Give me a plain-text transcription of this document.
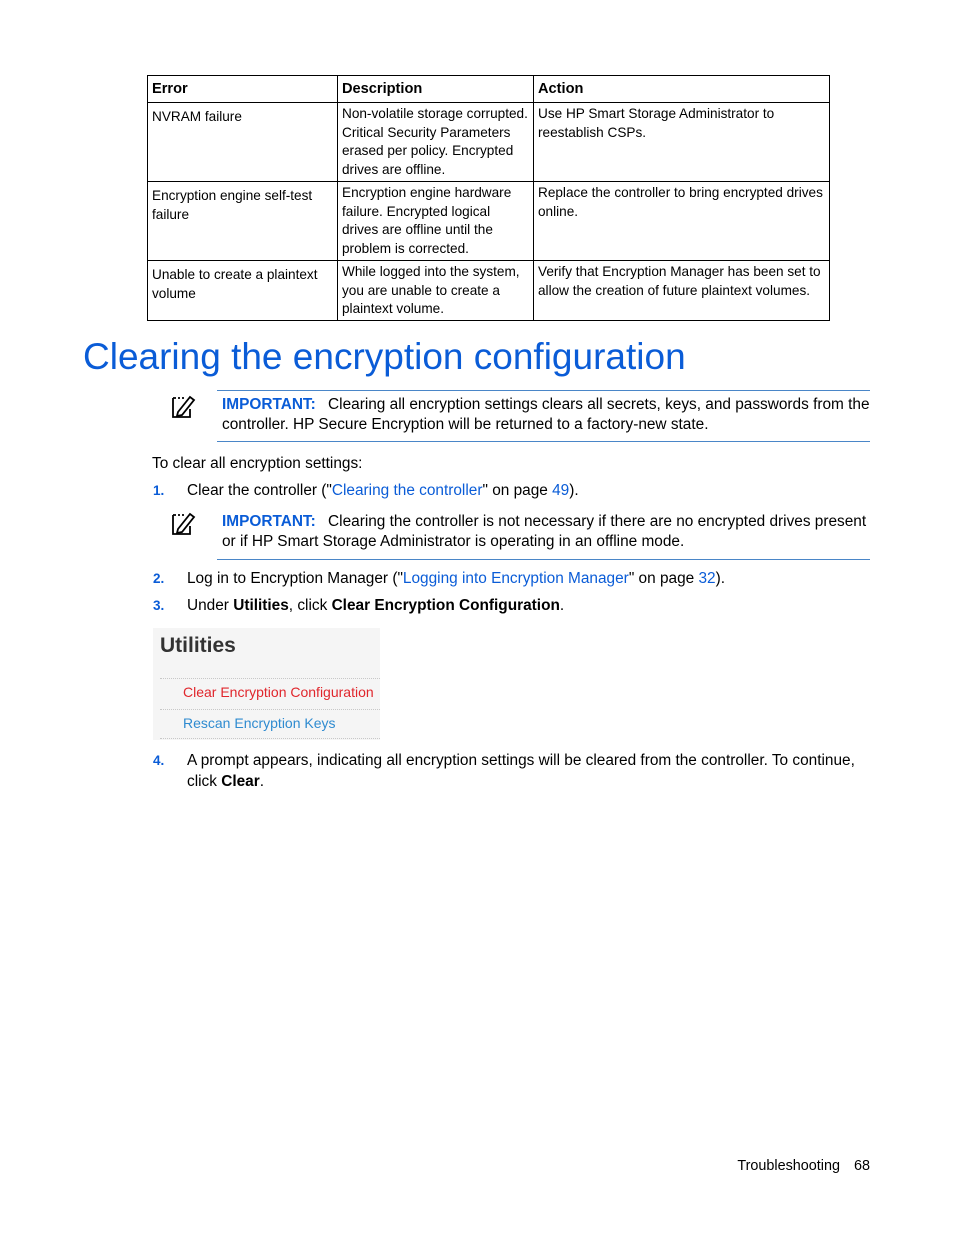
Error	Description	Action
NVRAM failure	Non-volatile storage corrupted. Critical Security Parameters erased per policy. Encrypted drives are offline.	Use HP Smart Storage Administrator to reestablish CSPs.
Encryption engine self-test failure	Encryption engine hardware failure. Encrypted logical drives are offline until the problem is corrected.	Replace the controller to bring encrypted drives online.
Unable to create a plaintext volume	While logged into the system, you are unable to create a plaintext volume.	Verify that Encryption Manager has been set to allow the creation of future plaintext volumes.
Clearing the encryption configuration
IMPORTANT: Clearing all encryption settings clears all secrets, keys, and passwords from the controller. HP Secure Encryption will be returned to a factory-new state.
To clear all encryption settings:
1. Clear the controller ("Clearing the controller" on page 49).
IMPORTANT: Clearing the controller is not necessary if there are no encrypted drives present or if HP Smart Storage Administrator is operating in an offline mode.
2. Log in to Encryption Manager ("Logging into Encryption Manager" on page 32).
3. Under Utilities, click Clear Encryption Configuration.
Utilities
Clear Encryption Configuration
Rescan Encryption Keys
4. A prompt appears, indicating all encryption settings will be cleared from the controller. To continue,
click Clear.
Troubleshooting 68
